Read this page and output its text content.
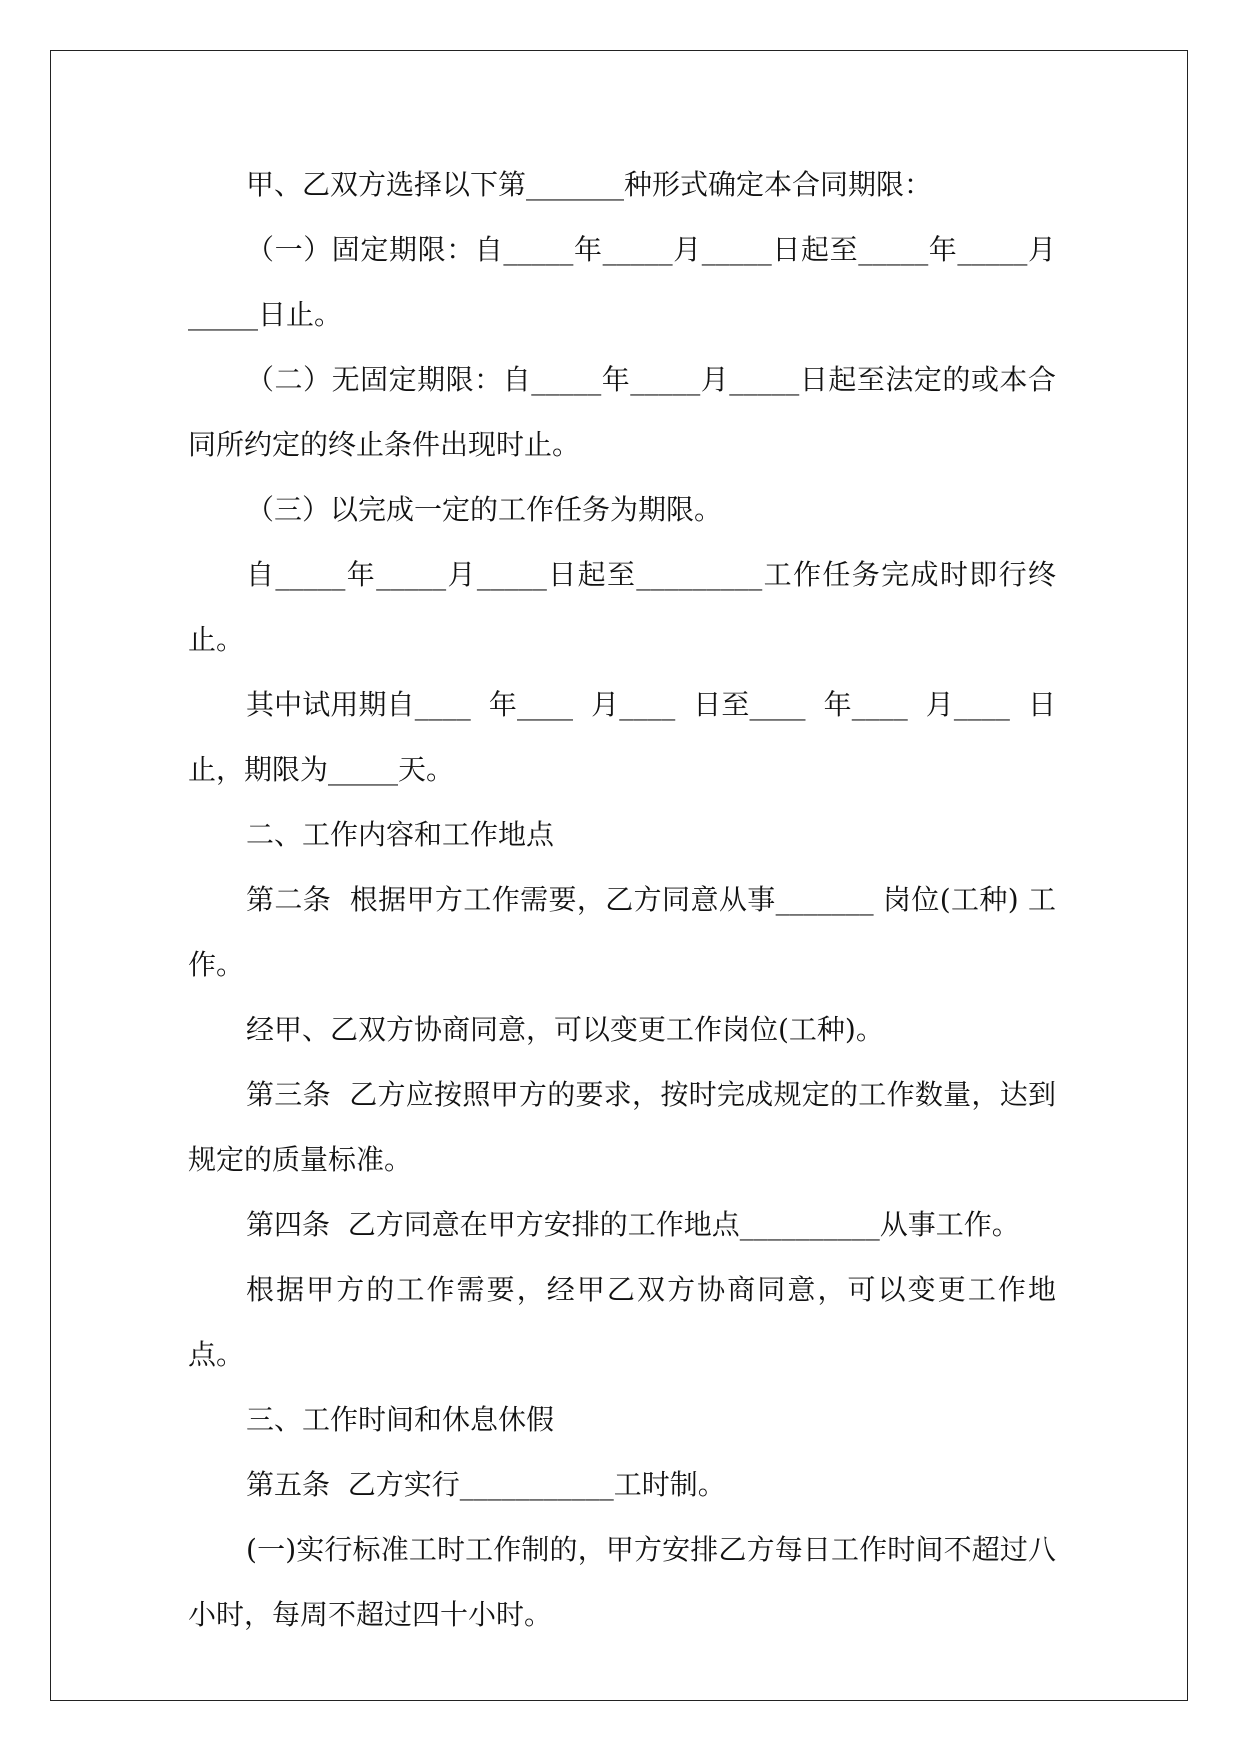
甲、乙双方选择以下第_______种形式确定本合同期限：

（一）固定期限：自_____年_____月_____日起至_____年_____月_____日止。

（二）无固定期限：自_____年_____月_____日起至法定的或本合同所约定的终止条件出现时止。

（三）以完成一定的工作任务为期限。

自_____年_____月_____日起至_________工作任务完成时即行终止。

其中试用期自____  年____  月____  日至____  年____  月____  日止，期限为_____天。

二、工作内容和工作地点

第二条  根据甲方工作需要，乙方同意从事_______ 岗位(工种) 工作。

经甲、乙双方协商同意，可以变更工作岗位(工种)。

第三条  乙方应按照甲方的要求，按时完成规定的工作数量，达到规定的质量标准。

第四条  乙方同意在甲方安排的工作地点__________从事工作。

根据甲方的工作需要，经甲乙双方协商同意，可以变更工作地点。

三、工作时间和休息休假

第五条  乙方实行___________工时制。

(一)实行标准工时工作制的，甲方安排乙方每日工作时间不超过八小时，每周不超过四十小时。
